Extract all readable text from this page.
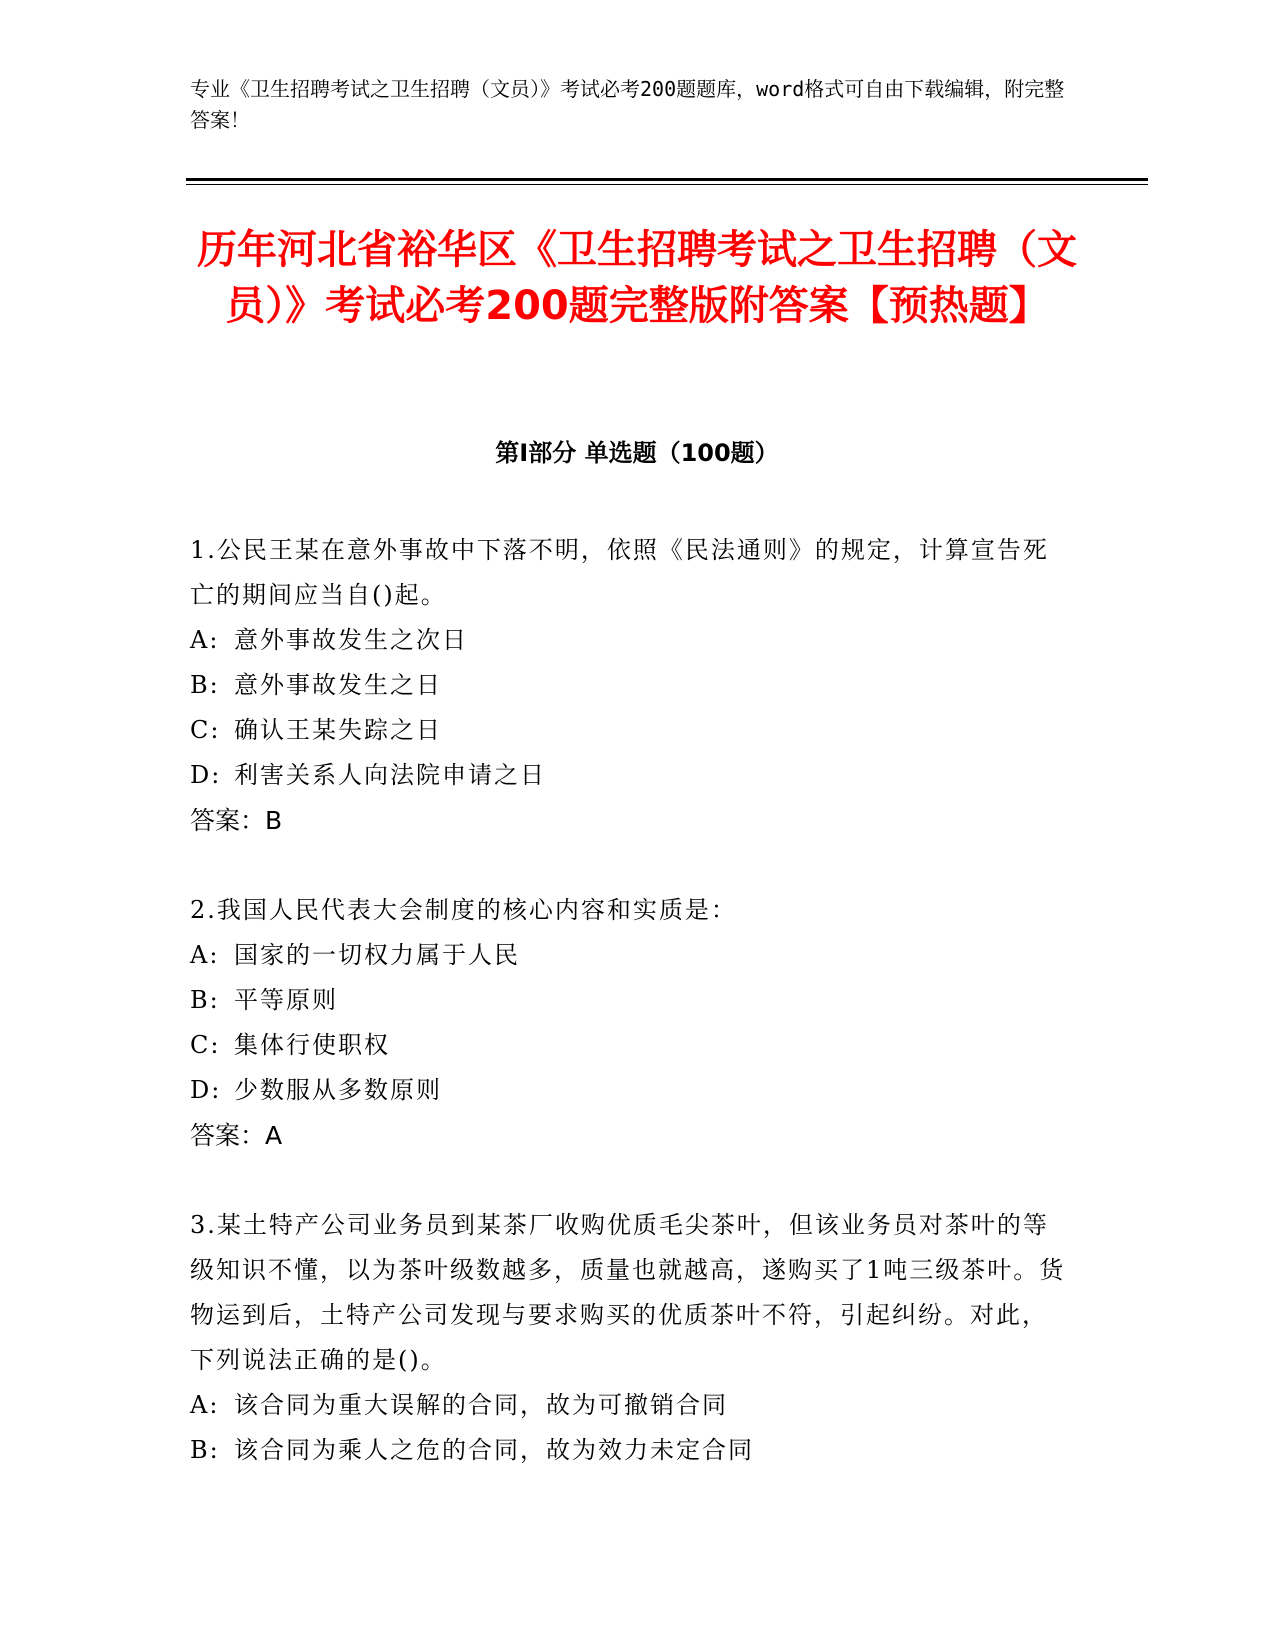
专业《卫生招聘考试之卫生招聘（文员）》考试必考200题题库，word格式可自由下载编辑，附完整答案！

历年河北省裕华区《卫生招聘考试之卫生招聘（文员）》考试必考200题完整版附答案【预热题】
第I部分 单选题（100题）

1.公民王某在意外事故中下落不明，依照《民法通则》的规定，计算宣告死亡的期间应当自()起。

A: 意外事故发生之次日

B: 意外事故发生之日

C: 确认王某失踪之日

D: 利害关系人向法院申请之日

答案：B

2.我国人民代表大会制度的核心内容和实质是：

A: 国家的一切权力属于人民

B: 平等原则

C: 集体行使职权

D: 少数服从多数原则

答案：A

3.某土特产公司业务员到某茶厂收购优质毛尖茶叶，但该业务员对茶叶的等级知识不懂，以为茶叶级数越多，质量也就越高，遂购买了1吨三级茶叶。货物运到后，土特产公司发现与要求购买的优质茶叶不符，引起纠纷。对此，下列说法正确的是()。

A: 该合同为重大误解的合同，故为可撤销合同

B: 该合同为乘人之危的合同，故为效力未定合同
